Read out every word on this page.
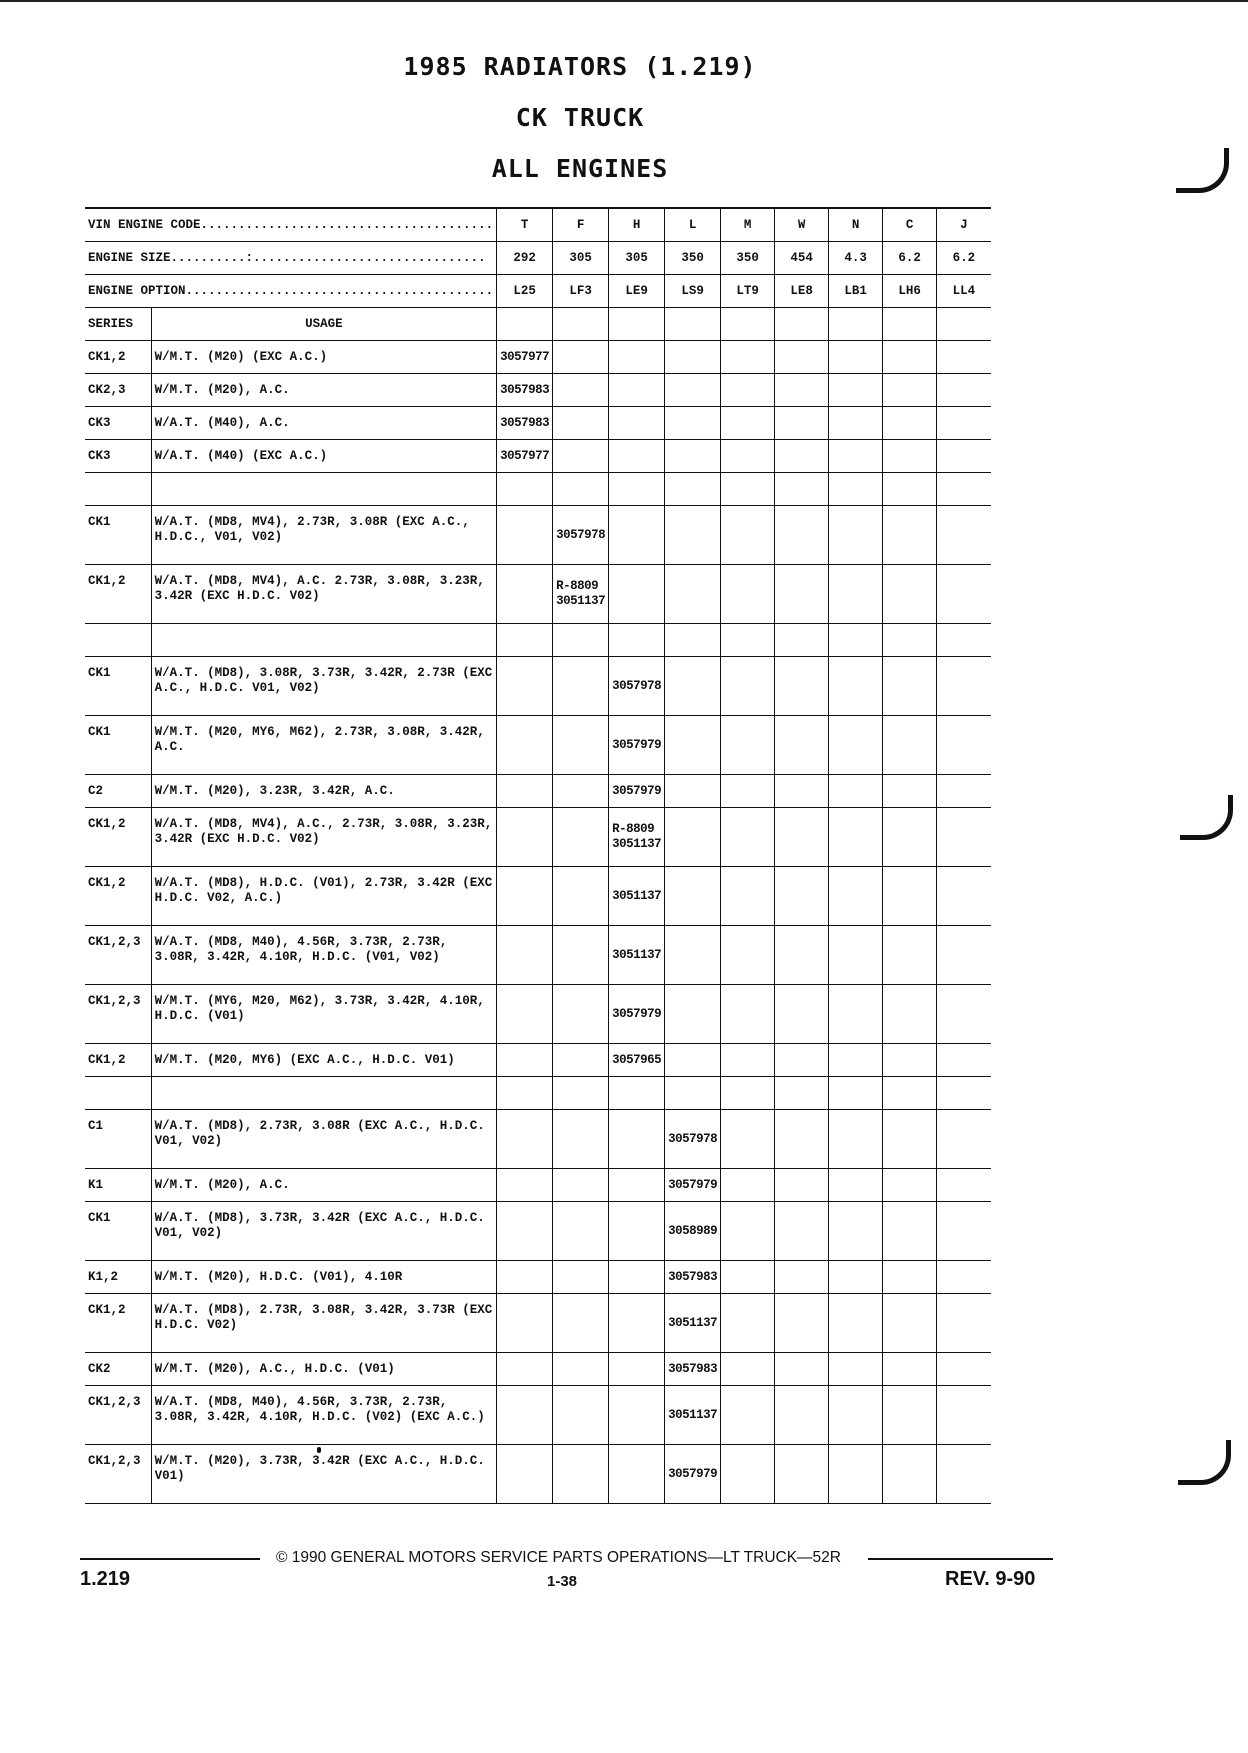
1985 RADIATORS (1.219)
CK TRUCK
ALL ENGINES
VIN ENGINE CODE.......................................		T	F	H	L	M	W	N	C	J
ENGINE SIZE..........:...............................		292	305	305	350	350	454	4.3	6.2	6.2
ENGINE OPTION.........................................		L25	LF3	LE9	LS9	LT9	LE8	LB1	LH6	LL4
SERIES	USAGE									
CK1,2	W/M.T. (M20) (EXC A.C.)	3057977								
CK2,3	W/M.T. (M20), A.C.	3057983								
CK3	W/A.T. (M40), A.C.	3057983								
CK3	W/A.T. (M40) (EXC A.C.)	3057977								

CK1	W/A.T. (MD8, MV4), 2.73R, 3.08R (EXC A.C.,
H.D.C., V01, V02)		3057978							
CK1,2	W/A.T. (MD8, MV4), A.C. 2.73R, 3.08R, 3.23R,
3.42R (EXC H.D.C. V02)		R-8809
3051137							

CK1	W/A.T. (MD8), 3.08R, 3.73R, 3.42R, 2.73R (EXC
A.C., H.D.C. V01, V02)			3057978						
CK1	W/M.T. (M20, MY6, M62), 2.73R, 3.08R, 3.42R,
A.C.			3057979						
C2	W/M.T. (M20), 3.23R, 3.42R, A.C.			3057979						
CK1,2	W/A.T. (MD8, MV4), A.C., 2.73R, 3.08R, 3.23R,
3.42R (EXC H.D.C. V02)			R-8809
3051137						
CK1,2	W/A.T. (MD8), H.D.C. (V01), 2.73R, 3.42R (EXC
H.D.C. V02, A.C.)			3051137						
CK1,2,3	W/A.T. (MD8, M40), 4.56R, 3.73R, 2.73R,
3.08R, 3.42R, 4.10R, H.D.C. (V01, V02)			3051137						
CK1,2,3	W/M.T. (MY6, M20, M62), 3.73R, 3.42R, 4.10R,
H.D.C. (V01)			3057979						
CK1,2	W/M.T. (M20, MY6) (EXC A.C., H.D.C. V01)			3057965						

C1	W/A.T. (MD8), 2.73R, 3.08R (EXC A.C., H.D.C.
V01, V02)				3057978					
K1	W/M.T. (M20), A.C.				3057979					
CK1	W/A.T. (MD8), 3.73R, 3.42R (EXC A.C., H.D.C.
V01, V02)				3058989					
K1,2	W/M.T. (M20), H.D.C. (V01), 4.10R				3057983					
CK1,2	W/A.T. (MD8), 2.73R, 3.08R, 3.42R, 3.73R (EXC
H.D.C. V02)				3051137					
CK2	W/M.T. (M20), A.C., H.D.C. (V01)				3057983					
CK1,2,3	W/A.T. (MD8, M40), 4.56R, 3.73R, 2.73R,
3.08R, 3.42R, 4.10R, H.D.C. (V02) (EXC A.C.)				3051137					
CK1,2,3	W/M.T. (M20), 3.73R, 3.42R (EXC A.C., H.D.C.
V01)				3057979					
© 1990 GENERAL MOTORS SERVICE PARTS OPERATIONS—LT TRUCK—52R
1.219	1-38	REV. 9-90
